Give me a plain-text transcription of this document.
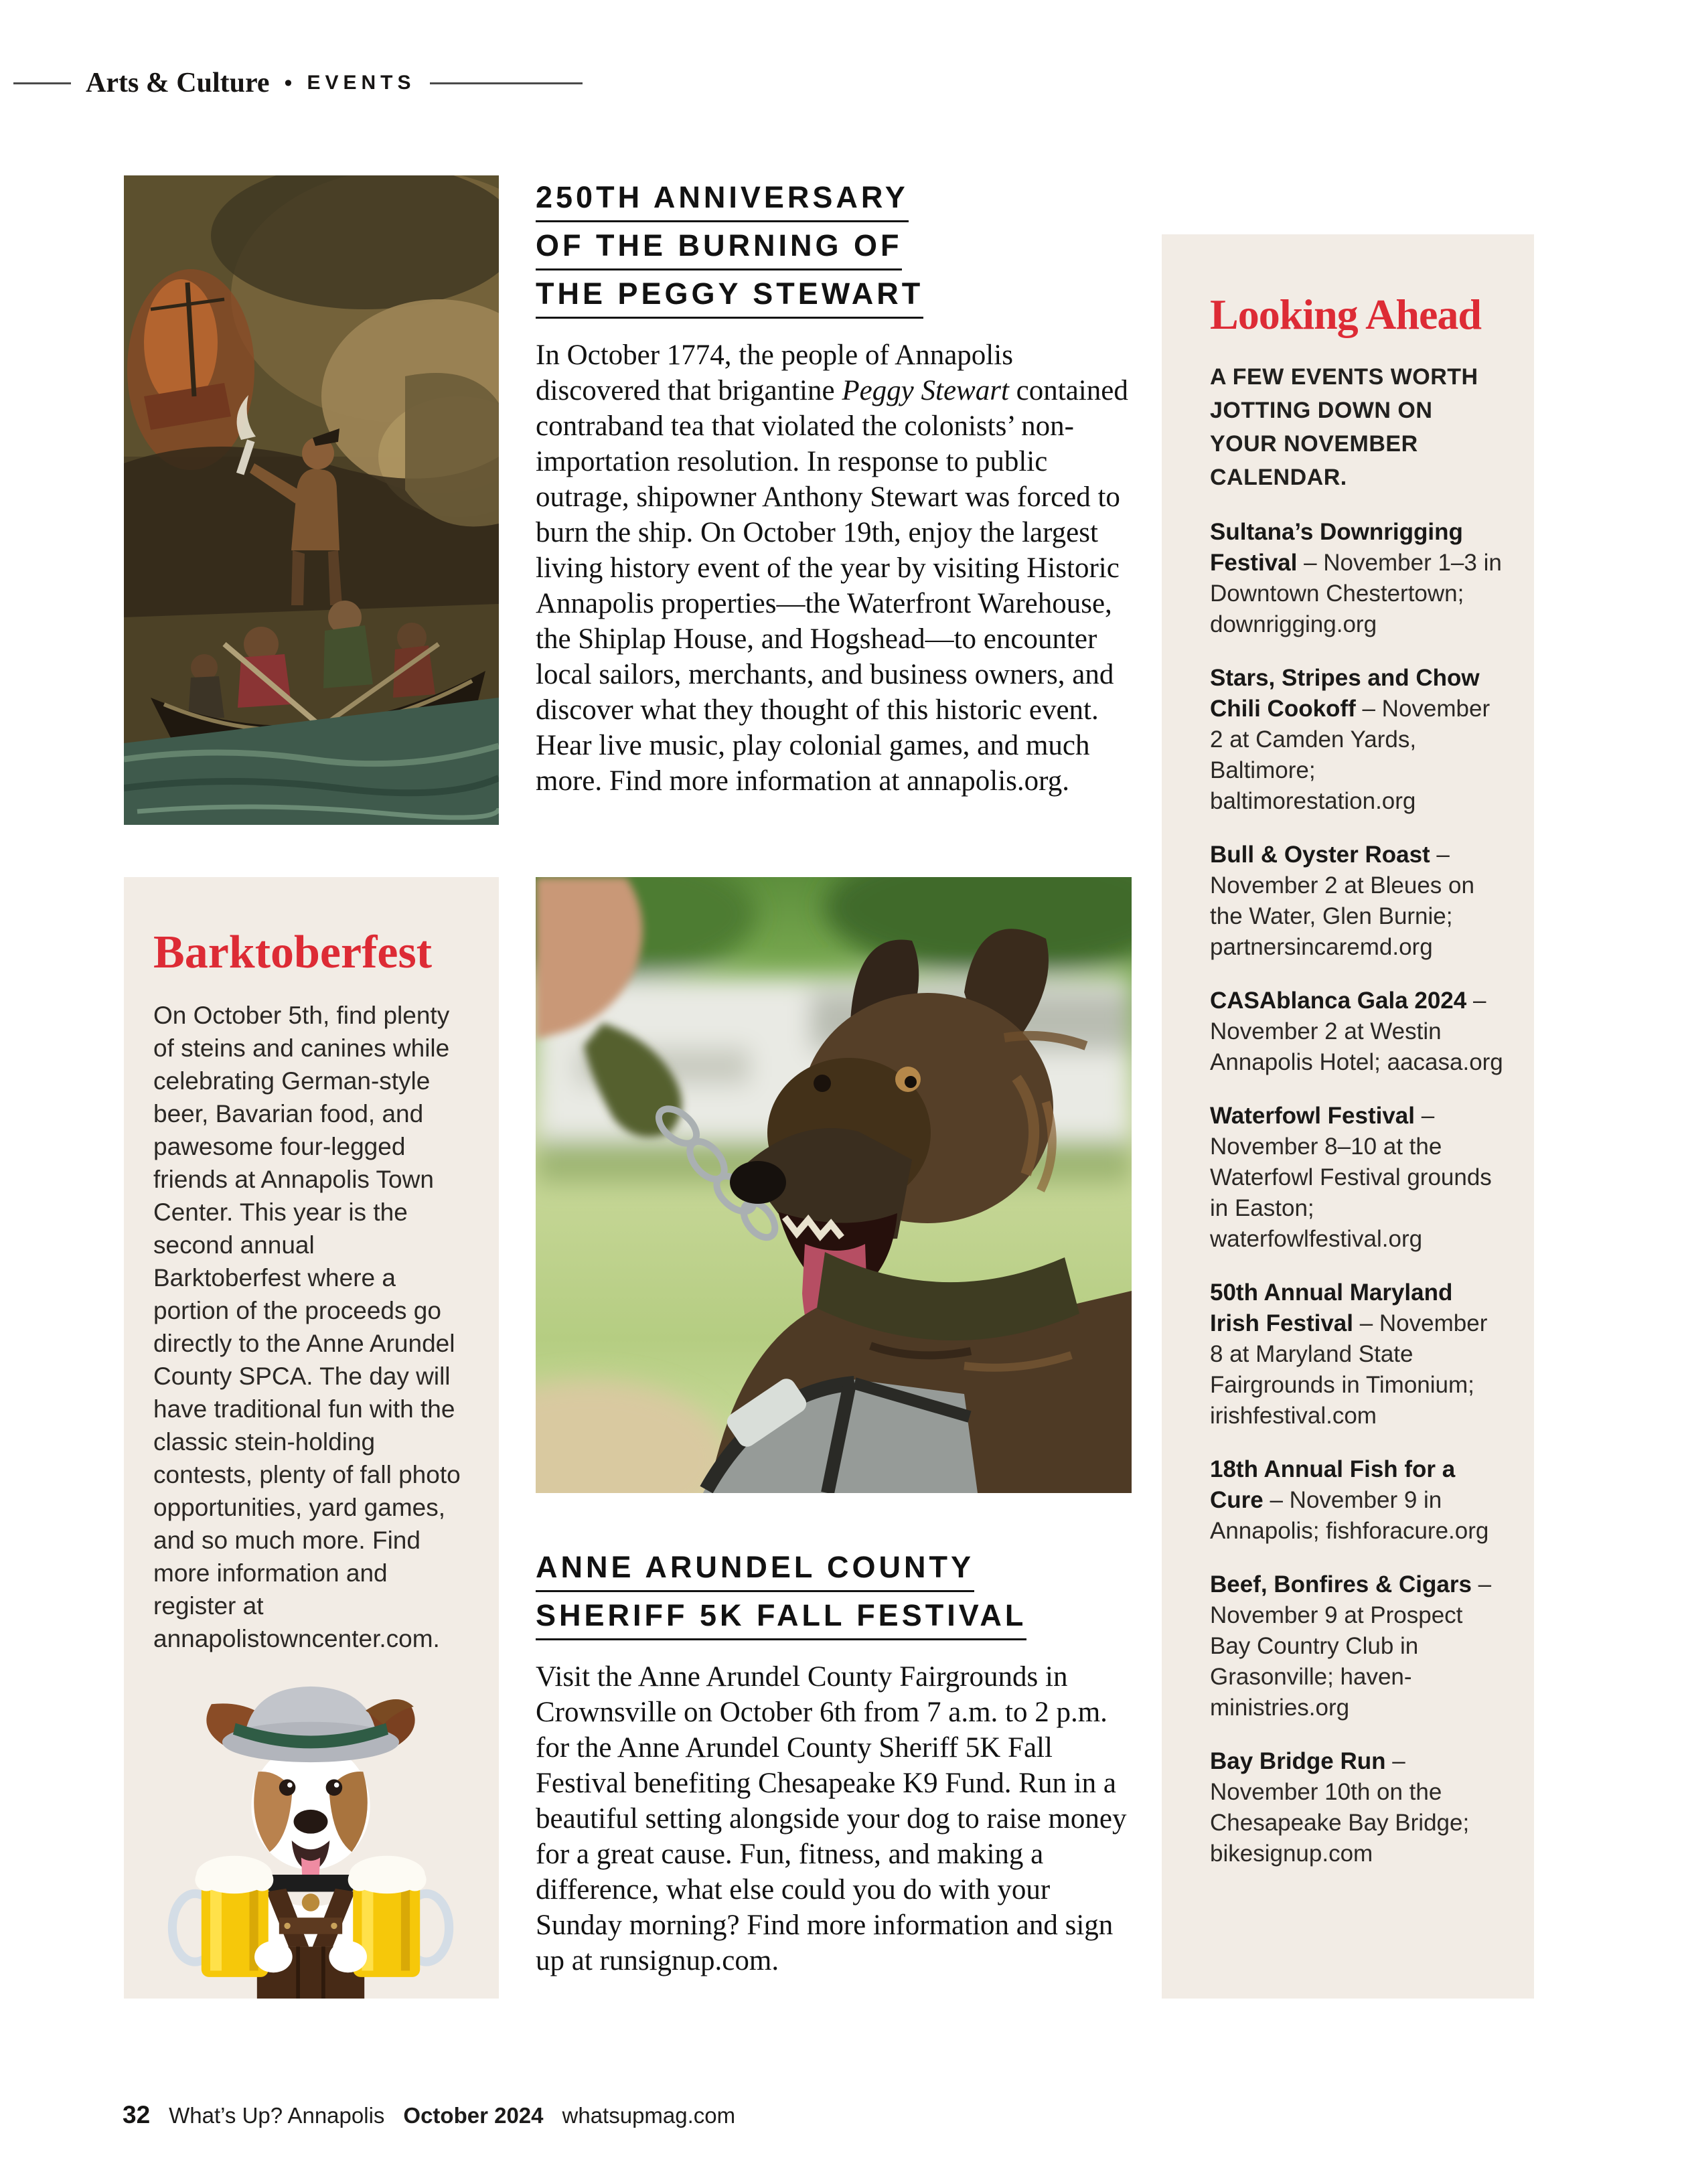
Arts & Culture • EVENTS
250TH ANNIVERSARY
OF THE BURNING OF
THE PEGGY STEWART

In October 1774, the people of Annapolis discovered that brigantine Peggy Stewart contained contraband tea that violated the colonists’ non-importation resolution. In response to public outrage, shipowner Anthony Stewart was forced to burn the ship. On October 19th, enjoy the largest living history event of the year by visiting Historic Annapolis properties—the Waterfront Warehouse, the Shiplap House, and Hogshead—to encounter local sailors, merchants, and business owners, and discover what they thought of this historic event. Hear live music, play colonial games, and much more. Find more information at annapolis.org.

Looking Ahead

A FEW EVENTS WORTH JOTTING DOWN ON YOUR NOVEMBER CALENDAR.

Sultana’s Downrigging Festival – November 1–3 in Downtown Chestertown; downrigging.org

Stars, Stripes and Chow Chili Cookoff – November 2 at Camden Yards, Baltimore; baltimorestation.org

Bull & Oyster Roast – November 2 at Bleues on the Water, Glen Burnie; partnersincaremd.org

CASAblanca Gala 2024 – November 2 at Westin Annapolis Hotel; aacasa.org

Waterfowl Festival – November 8–10 at the Waterfowl Festival grounds in Easton; waterfowlfestival.org

50th Annual Maryland Irish Festival – November 8 at Maryland State Fairgrounds in Timonium; irishfestival.com

18th Annual Fish for a Cure – November 9 in Annapolis; fishforacure.org

Beef, Bonfires & Cigars – November 9 at Prospect Bay Country Club in Grasonville; haven-ministries.org

Bay Bridge Run – November 10th on the Chesapeake Bay Bridge; bikesignup.com

Barktoberfest

On October 5th, find plenty of steins and canines while celebrating German-style beer, Bavarian food, and pawesome four-legged friends at Annapolis Town Center. This year is the second annual Barktoberfest where a portion of the proceeds go directly to the Anne Arundel County SPCA. The day will have traditional fun with the classic stein-holding contests, plenty of fall photo opportunities, yard games, and so much more. Find more information and register at annapolistowncenter.com.

ANNE ARUNDEL COUNTY
SHERIFF 5K FALL FESTIVAL

Visit the Anne Arundel County Fairgrounds in Crownsville on October 6th from 7 a.m. to 2 p.m. for the Anne Arundel County Sheriff 5K Fall Festival benefiting Chesapeake K9 Fund. Run in a beautiful setting alongside your dog to raise money for a great cause. Fun, fitness, and making a difference, what else could you do with your Sunday morning? Find more information and sign up at runsignup.com.

32 What’s Up? Annapolis October 2024 whatsupmag.com
